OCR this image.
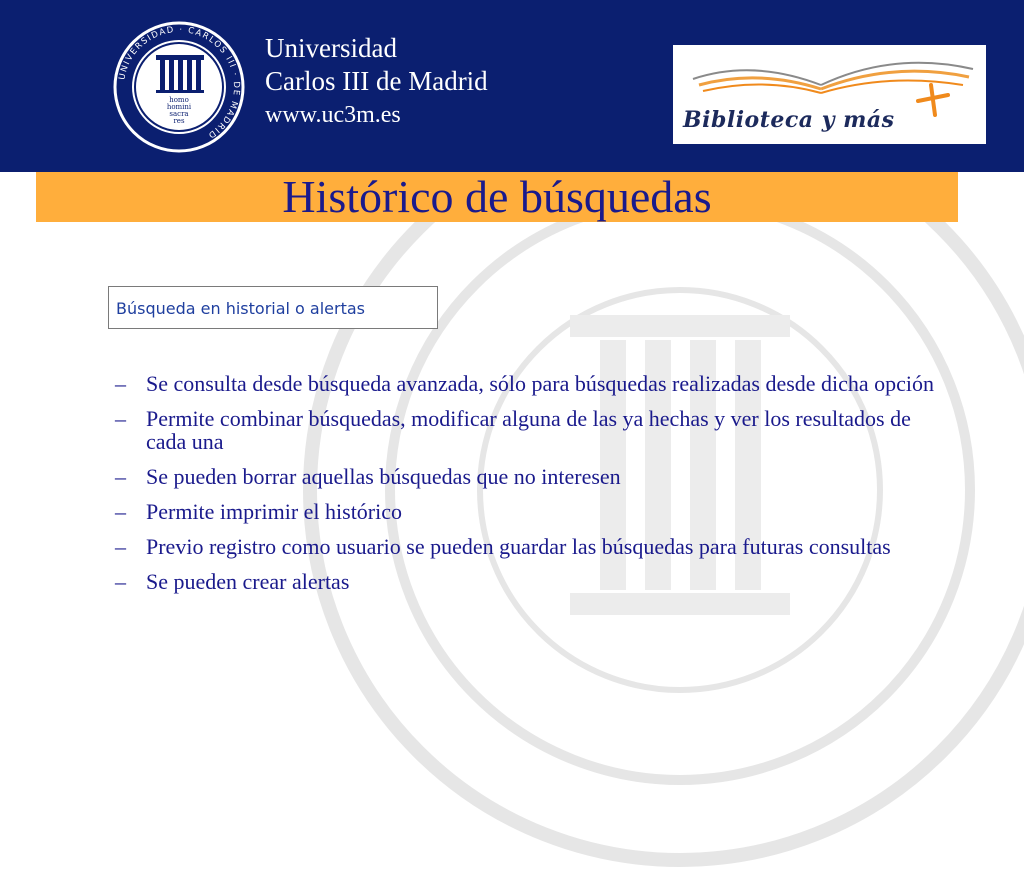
homo
homini
sacra
res
UNIVERSIDAD · CARLOS III · DE MADRID
Universidad
Carlos III de Madrid
www.uc3m.es	Biblioteca y más
Histórico de búsquedas
Búsqueda en historial o alertas
– Se consulta desde búsqueda avanzada, sólo para búsquedas realizadas desde dicha opción
– Permite combinar búsquedas, modificar alguna de las ya hechas y ver los resultados de cada una
– Se pueden borrar aquellas búsquedas que no interesen
– Permite imprimir el histórico
– Previo registro como usuario se pueden guardar las búsquedas para futuras consultas
– Se pueden crear alertas
